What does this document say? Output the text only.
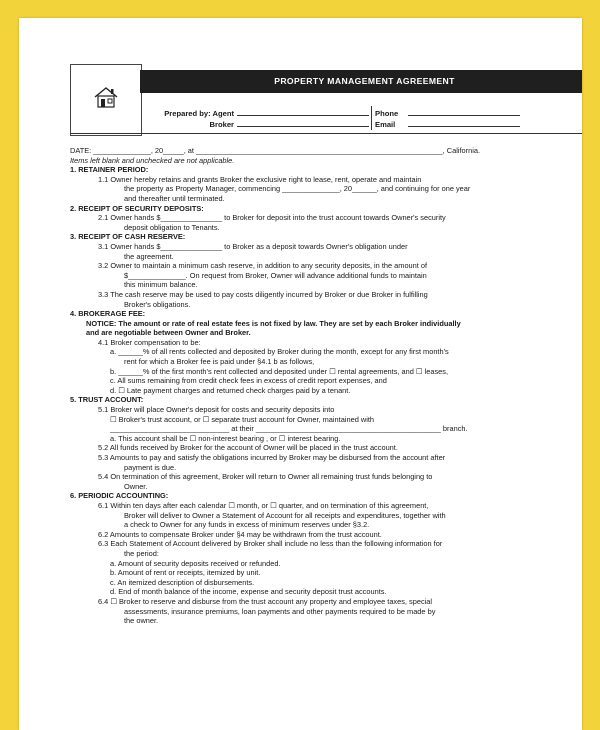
PROPERTY MANAGEMENT AGREEMENT
Prepared by: Agent
Broker
Phone
Email
DATE: ______________, 20_____, at ____________________________________________________________, California.
Items left blank and unchecked are not applicable.
1. RETAINER PERIOD:
1.1 Owner hereby retains and grants Broker the exclusive right to lease, rent, operate and maintain
the property as Property Manager, commencing ______________, 20______, and continuing for one year
and thereafter until terminated.
2. RECEIPT OF SECURITY DEPOSITS:
2.1 Owner hands $_______________ to Broker for deposit into the trust account towards Owner's security
deposit obligation to Tenants.
3. RECEIPT OF CASH RESERVE:
3.1 Owner hands $_______________ to Broker as a deposit towards Owner's obligation under
the agreement.
3.2 Owner to maintain a minimum cash reserve, in addition to any security deposits, in the amount of
$______________. On request from Broker, Owner will advance additional funds to maintain
this minimum balance.
3.3 The cash reserve may be used to pay costs diligently incurred by Broker or due Broker in fulfilling
Broker's obligations.
4. BROKERAGE FEE:
NOTICE: The amount or rate of real estate fees is not fixed by law. They are set by each Broker individually
and are negotiable between Owner and Broker.
4.1 Broker compensation to be:
a. ______% of all rents collected and deposited by Broker during the month, except for any first month's
rent for which a Broker fee is paid under §4.1 b as follows,
b. ______% of the first month's rent collected and deposited under ☐ rental agreements, and ☐ leases,
c. All sums remaining from credit check fees in excess of credit report expenses, and
d. ☐ Late payment charges and returned check charges paid by a tenant.
5. TRUST ACCOUNT:
5.1 Broker will place Owner's deposit for costs and security deposits into
☐ Broker's trust account, or ☐ separate trust account for Owner, maintained with
_____________________________ at their _____________________________________________ branch.
a. This account shall be ☐ non-interest bearing , or ☐ interest bearing.
5.2 All funds received by Broker for the account of Owner will be placed in the trust account.
5.3 Amounts to pay and satisfy the obligations incurred by Broker may be disbursed from the account after
payment is due.
5.4 On termination of this agreement, Broker will return to Owner all remaining trust funds belonging to
Owner.
6. PERIODIC ACCOUNTING:
6.1 Within ten days after each calendar ☐ month, or ☐ quarter, and on termination of this agreement,
Broker will deliver to Owner a Statement of Account for all receipts and expenditures, together with
a check to Owner for any funds in excess of minimum reserves under §3.2.
6.2 Amounts to compensate Broker under §4 may be withdrawn from the trust account.
6.3 Each Statement of Account delivered by Broker shall include no less than the following information for
the period:
a. Amount of security deposits received or refunded.
b. Amount of rent or receipts, itemized by unit.
c. An itemized description of disbursements.
d. End of month balance of the income, expense and security deposit trust accounts.
6.4 ☐ Broker to reserve and disburse from the trust account any property and employee taxes, special
assessments, insurance premiums, loan payments and other payments required to be made by
the owner.
